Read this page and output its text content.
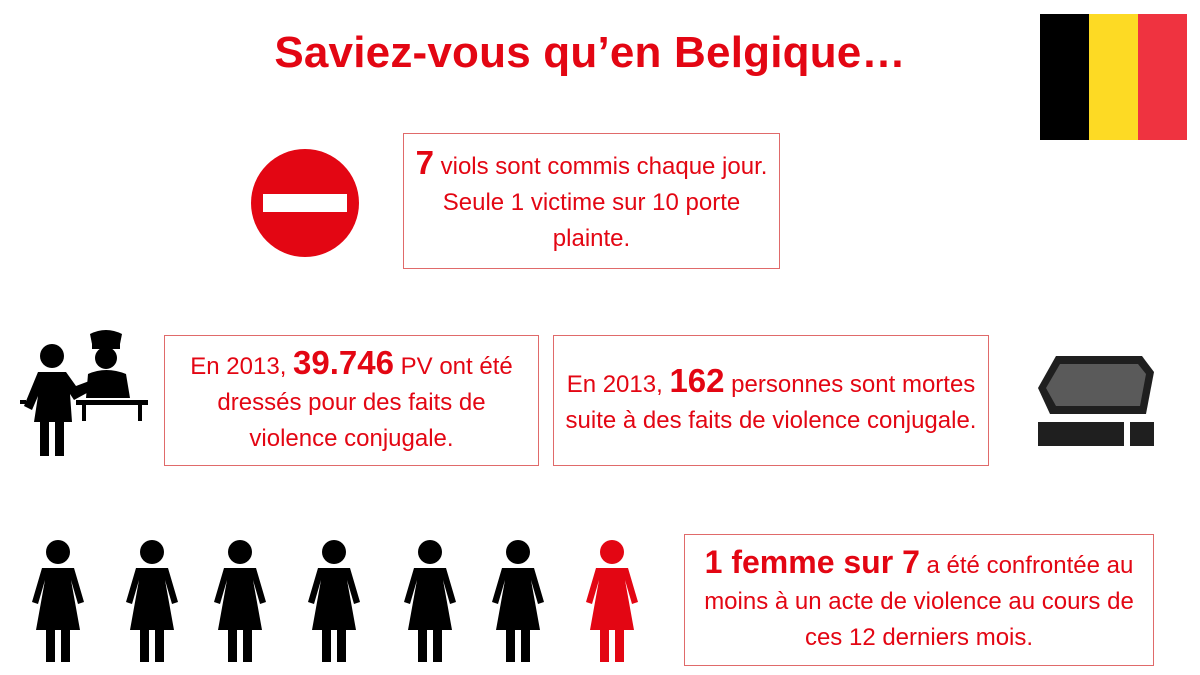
Saviez-vous qu’en Belgique…
7 viols sont commis chaque jour. Seule 1 victime sur 10 porte plainte.
En 2013, 39.746 PV ont été dressés pour des faits de violence conjugale.
En 2013, 162 personnes sont mortes suite à des faits de violence conjugale.
1 femme sur 7 a été confrontée au moins à un acte de violence au cours de ces 12 derniers mois.
